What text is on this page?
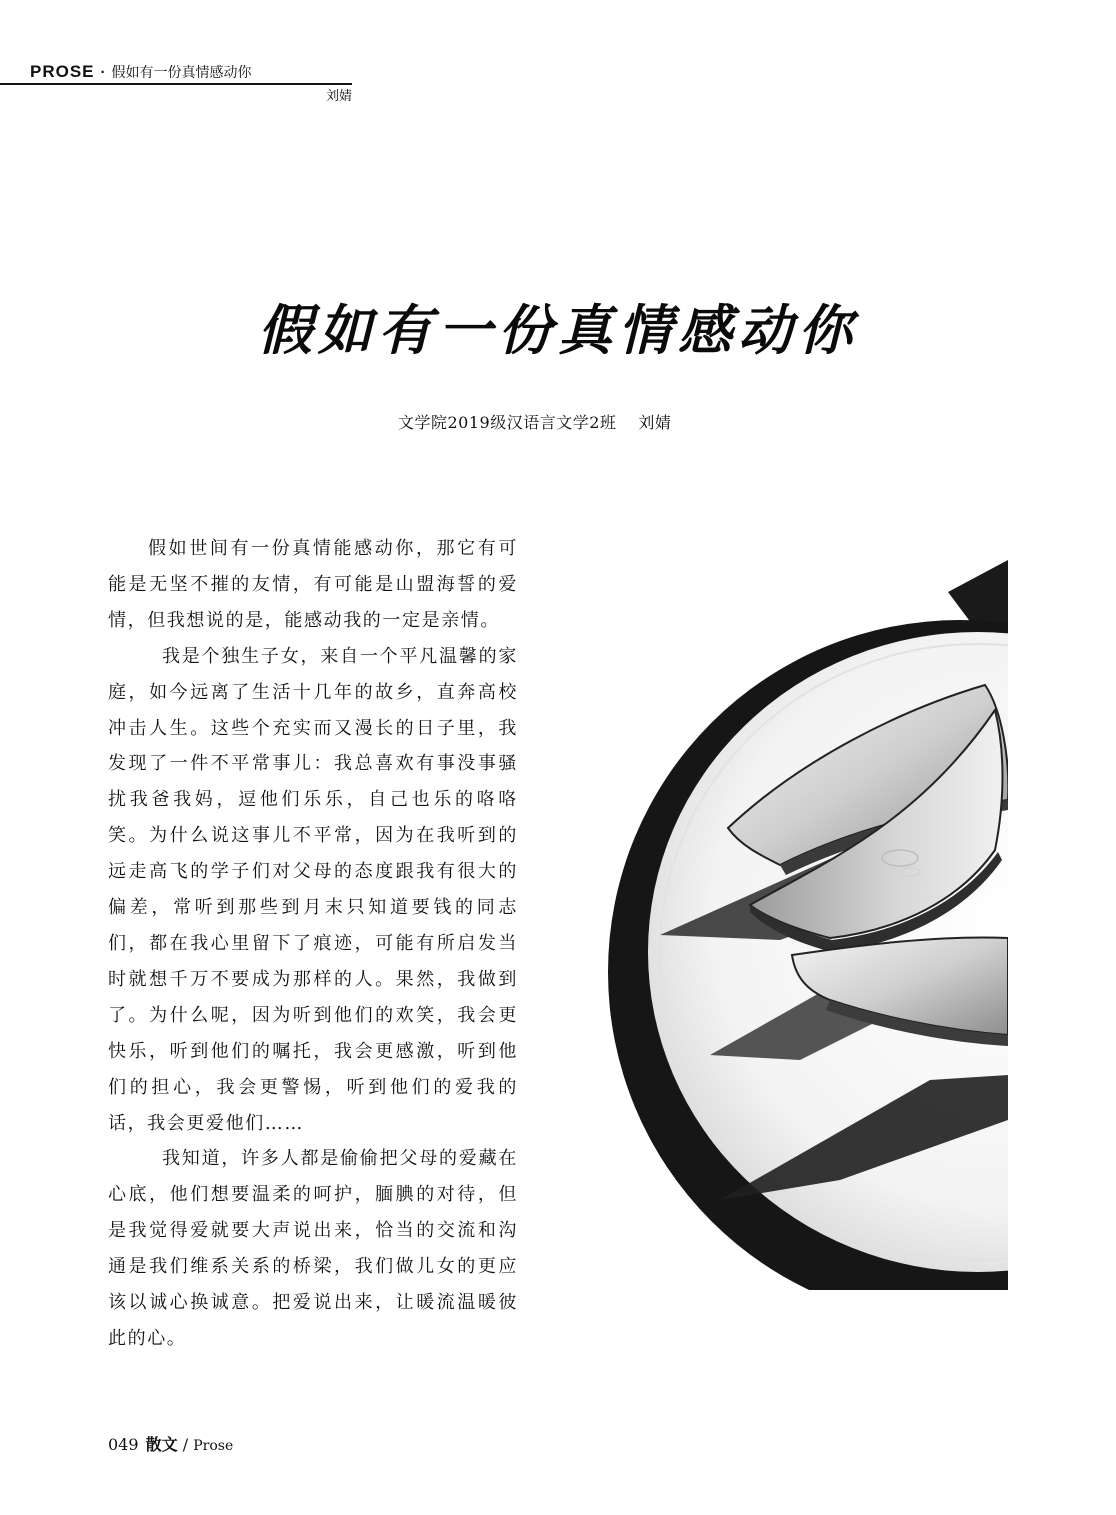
PROSE · 假如有一份真情感动你
刘婧
假如有一份真情感动你
文学院2019级汉语言文学2班 刘婧

假如世间有一份真情能感动你，那它有可能是无坚不摧的友情，有可能是山盟海誓的爱情，但我想说的是，能感动我的一定是亲情。

我是个独生子女，来自一个平凡温馨的家庭，如今远离了生活十几年的故乡，直奔高校冲击人生。这些个充实而又漫长的日子里，我发现了一件不平常事儿：我总喜欢有事没事骚扰我爸我妈，逗他们乐乐，自己也乐的咯咯笑。为什么说这事儿不平常，因为在我听到的远走高飞的学子们对父母的态度跟我有很大的偏差，常听到那些到月末只知道要钱的同志们，都在我心里留下了痕迹，可能有所启发当时就想千万不要成为那样的人。果然，我做到了。为什么呢，因为听到他们的欢笑，我会更快乐，听到他们的嘱托，我会更感激，听到他们的担心，我会更警惕，听到他们的爱我的话，我会更爱他们……

我知道，许多人都是偷偷把父母的爱藏在心底，他们想要温柔的呵护，腼腆的对待，但是我觉得爱就要大声说出来，恰当的交流和沟通是我们维系关系的桥梁，我们做儿女的更应该以诚心换诚意。把爱说出来，让暖流温暖彼此的心。

049 散文 / Prose
